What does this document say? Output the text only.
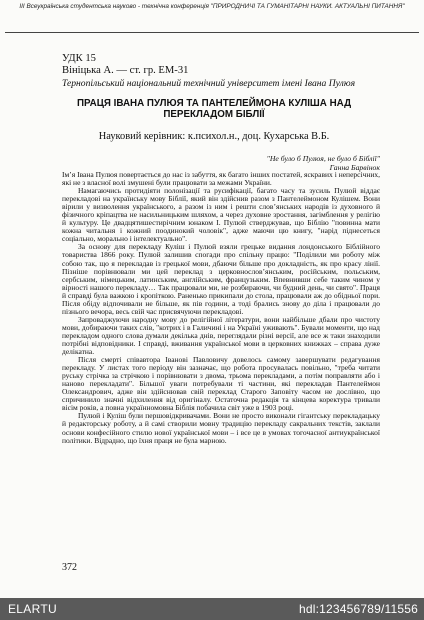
III Всеукраїнська студентська науково - технічна конференція "ПРИРОДНИЧІ ТА ГУМАНІТАРНІ НАУКИ. АКТУАЛЬНІ ПИТАННЯ"
УДК 15
Вініцька А. — ст. гр. ЕМ-31
Тернопільський національний технічний університет імені Івана Пулюя
ПРАЦЯ ІВАНА ПУЛЮЯ ТА ПАНТЕЛЕЙМОНА КУЛІША НАД ПЕРЕКЛАДОМ БІБЛІЇ
Науковий керівник: к.психол.н., доц. Кухарська В.Б.
"Не було б Пулюя, не було б Біблії"
Ганна Барвінок

Ім’я Івана Пулюя повертається до нас із забуття, як багато інших постатей, яскравих і неперсічних, які не з власної волі змушені були працювати за межами України.

Намагаючись протидіяти полонізації та русифікації, багато часу та зусиль Пулюй віддає перекладові на українську мову Біблії, який він здійснив разом з Пантелеймоном Кулішем. Вони вірили у визволення українського, а разом із ним і решти слов’янських народів із духовного й фізичного кріпацтва не насильницьким шляхом, а через духовне зростання, загімблення у релігію й культуру. Це двадцятишестирічним юнаком І. Пулюй стверджував, що Біблію "повинна мати кожна читальня і кожний поодинокий чоловік", адже маючи цю книгу, "нарід піднесеться соціально, морально і інтелектуально".

За основу для перекладу Куліш і Пулюй взяли грецьке видання лондонського Біблійного товариства 1866 року. Пулюй залишив спогади про спільну працю: "Поділили ми роботу між собою так, що я перекладав із грецької мови, дбаючи більше про докладність, як про красу лінії. Пізніше порівнювали ми цей переклад з церковнослов’янським, російським, польським, сербським, німецьким, латинським, англійським, французьким. Впевнивши себе таким чином у вірності нашого перекладу… Так працювали ми, не розбираючи, чи будний день, чи свято". Праця й справді була важкою і кропіткою. Раненько прикипали до стола, працювали аж до обідньої пори. Після обіду відпочивали не більше, як пів години, а тоді брались знову до діла і працювали до пізнього вечора, весь свій час присвячуючи перекладові.

Запроваджуючи народну мову до релігійної літератури, вони найбільше дбали про чистоту мови, добираючи таких слів, "котрих і в Галичині і на Україні уживають". Бували моменти, що над перекладом одного слова думали декілька днів, переглядали різні версії, але все ж таки знаходили потрібні відповідники. І справді, вживання української мови в церковних книжках – справа дуже делікатна.

Після смерті співавтора Іванові Павловичу довелось самому завершувати редагування перекладу. У листах того періоду він зазначає, що робота просувалась повільно, "треба читати руську стрічка за стрічкою і порівнювати з двома, трьома перекладами, а потім поправляти або і наново перекладати". Більшої уваги потребували ті частини, які перекладав Пантелеймон Олександрович, адже він здійснював свій переклад Старого Заповіту часом не дослівно, що спричинило значні відхилення від оригіналу. Остаточна редакція та кінцева коректура тривали вісім років, а повна українномовна Біблія побачила світ уже в 1903 році.

Пулюй і Куліш були першовідкривачами. Вони не просто виконали гігантську перекладацьку й редакторську роботу, а й самі створили мовну традицію перекладу сакральних текстів, заклали основи конфесійного стилю нової української мови – і все це в умовах тогочасної антиукраїнської політики. Відрадно, що їхня праця не була марною.

372
ELARTU	hdl:123456789/11556
